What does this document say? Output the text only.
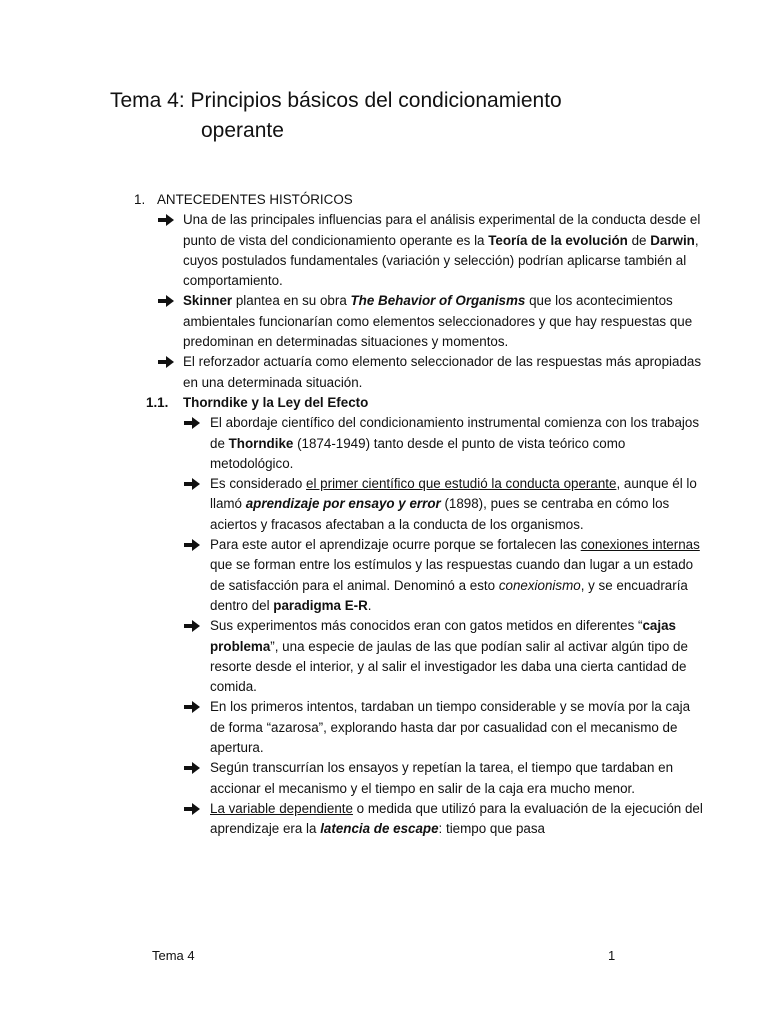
Tema 4: Principios básicos del condicionamiento
operante
1. ANTECEDENTES HISTÓRICOS
Una de las principales influencias para el análisis experimental de la conducta desde el punto de vista del condicionamiento operante es la Teoría de la evolución de Darwin, cuyos postulados fundamentales (variación y selección) podrían aplicarse también al comportamiento.
Skinner plantea en su obra The Behavior of Organisms que los acontecimientos ambientales funcionarían como elementos seleccionadores y que hay respuestas que predominan en determinadas situaciones y momentos.
El reforzador actuaría como elemento seleccionador de las respuestas más apropiadas en una determinada situación.
1.1. Thorndike y la Ley del Efecto
El abordaje científico del condicionamiento instrumental comienza con los trabajos de Thorndike (1874-1949) tanto desde el punto de vista teórico como metodológico.
Es considerado el primer científico que estudió la conducta operante, aunque él lo llamó aprendizaje por ensayo y error (1898), pues se centraba en cómo los aciertos y fracasos afectaban a la conducta de los organismos.
Para este autor el aprendizaje ocurre porque se fortalecen las conexiones internas que se forman entre los estímulos y las respuestas cuando dan lugar a un estado de satisfacción para el animal. Denominó a esto conexionismo, y se encuadraría dentro del paradigma E-R.
Sus experimentos más conocidos eran con gatos metidos en diferentes “cajas problema”, una especie de jaulas de las que podían salir al activar algún tipo de resorte desde el interior, y al salir el investigador les daba una cierta cantidad de comida.
En los primeros intentos, tardaban un tiempo considerable y se movía por la caja de forma “azarosa”, explorando hasta dar por casualidad con el mecanismo de apertura.
Según transcurrían los ensayos y repetían la tarea, el tiempo que tardaban en accionar el mecanismo y el tiempo en salir de la caja era mucho menor.
La variable dependiente o medida que utilizó para la evaluación de la ejecución del aprendizaje era la latencia de escape: tiempo que pasa
Tema 4	1
